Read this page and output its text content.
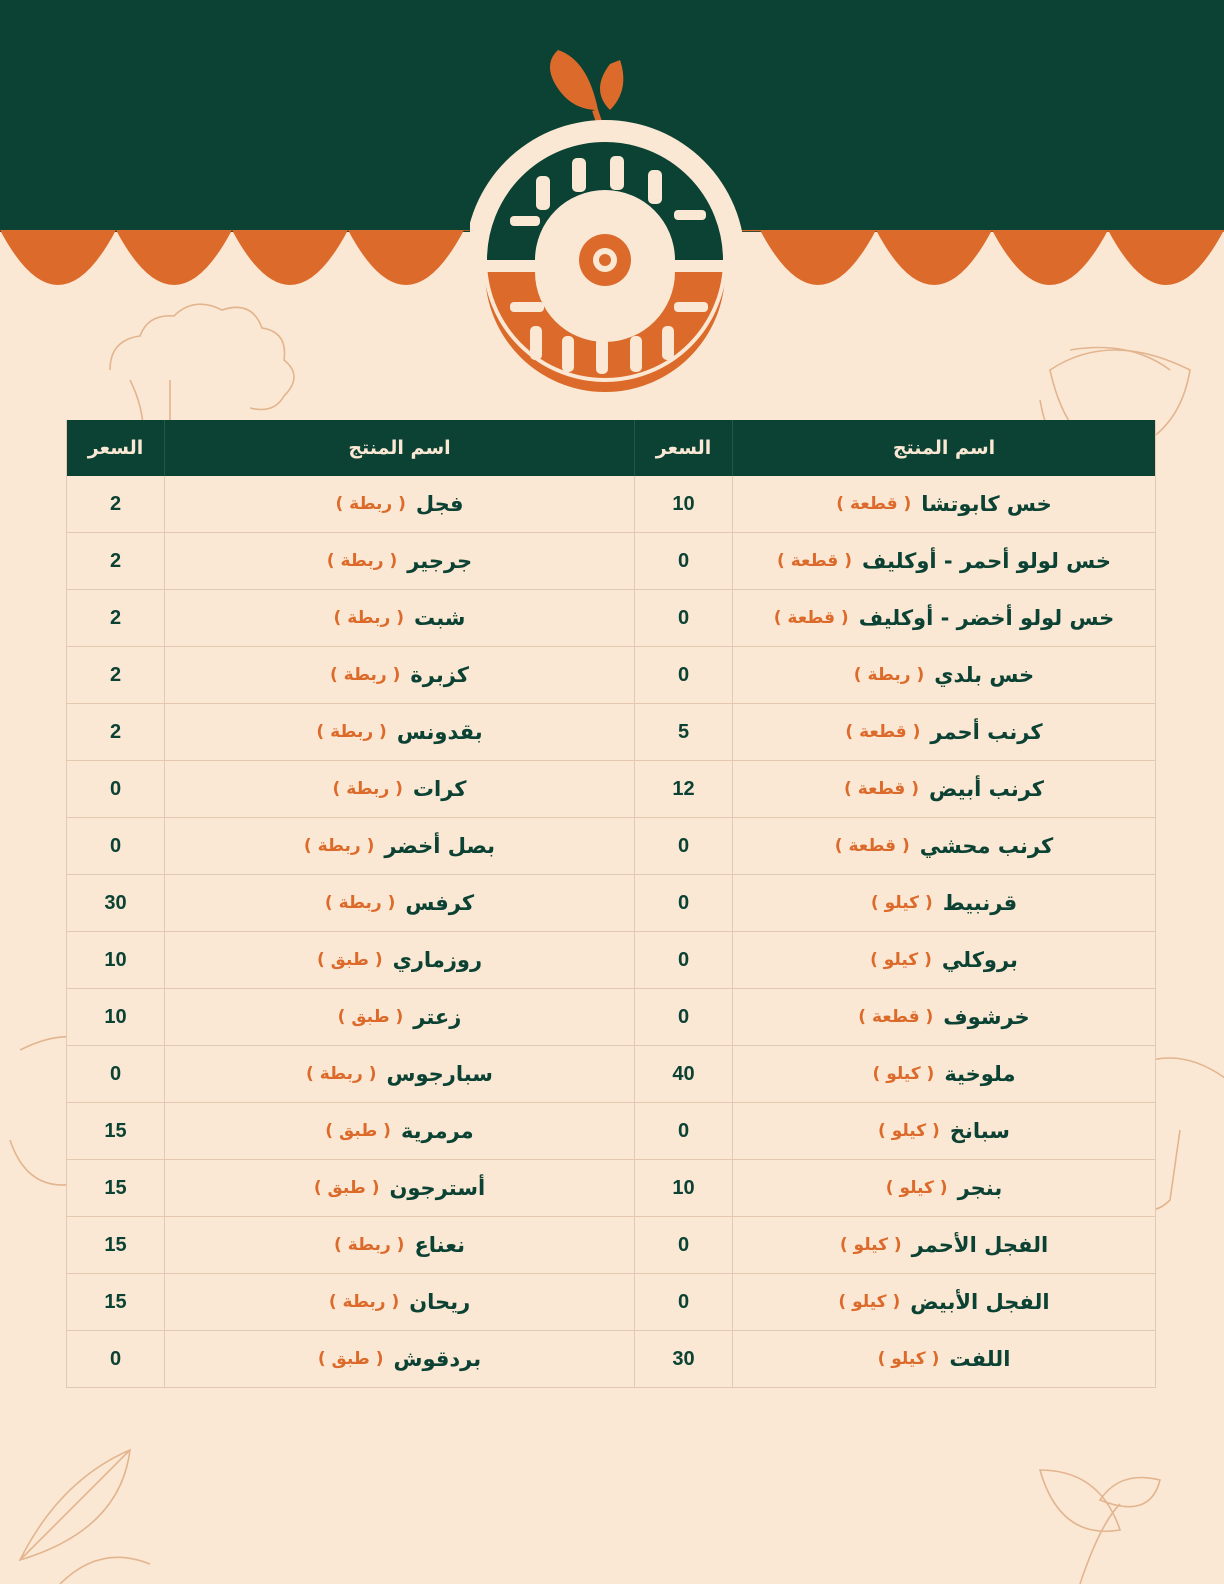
السعر	اسم المنتج
2	فجل
( ربطة )
2	جرجير
( ربطة )
2	شبت
( ربطة )
2	كزبرة
( ربطة )
2	بقدونس
( ربطة )
0	كرات
( ربطة )
0	بصل أخضر
( ربطة )
30	كرفس
( ربطة )
10	روزماري
( طبق )
10	زعتر
( طبق )
0	سبارجوس
( ربطة )
15	مرمرية
( طبق )
15	أسترجون
( طبق )
15	نعناع
( ربطة )
15	ريحان
( ربطة )
0	بردقوش
( طبق )
السعر	اسم المنتج
10	خس كابوتشا
( قطعة )
0	خس لولو أحمر - أوكليف
( قطعة )
0	خس لولو أخضر - أوكليف
( قطعة )
0	خس بلدي
( ربطة )
5	كرنب أحمر
( قطعة )
12	كرنب أبيض
( قطعة )
0	كرنب محشي
( قطعة )
0	قرنبيط
( كيلو )
0	بروكلي
( كيلو )
0	خرشوف
( قطعة )
40	ملوخية
( كيلو )
0	سبانخ
( كيلو )
10	بنجر
( كيلو )
0	الفجل الأحمر
( كيلو )
0	الفجل الأبيض
( كيلو )
30	اللفت
( كيلو )
